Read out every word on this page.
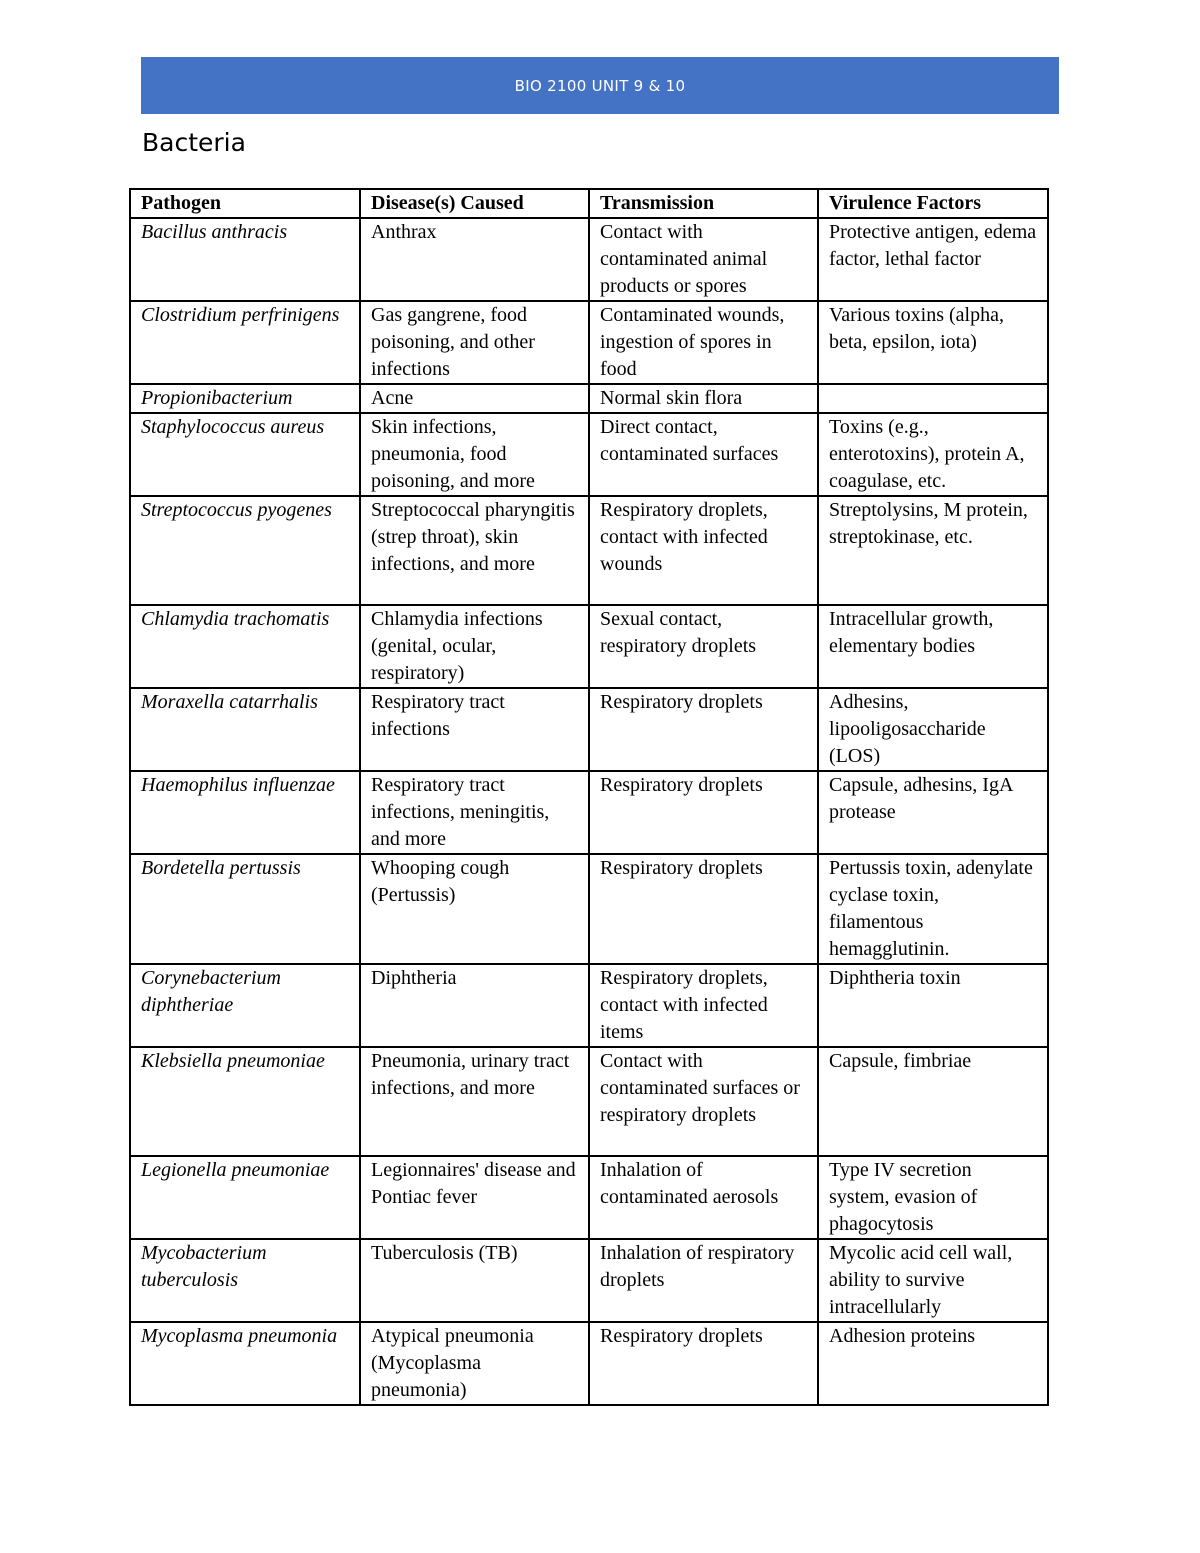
BIO 2100 UNIT 9 & 10
Bacteria
Pathogen	Disease(s) Caused	Transmission	Virulence Factors
Bacillus anthracis	Anthrax	Contact with contaminated animal products or spores	Protective antigen, edema factor, lethal factor
Clostridium perfrinigens	Gas gangrene, food poisoning, and other infections	Contaminated wounds, ingestion of spores in food	Various toxins (alpha, beta, epsilon, iota)
Propionibacterium	Acne	Normal skin flora	
Staphylococcus aureus	Skin infections, pneumonia, food poisoning, and more	Direct contact, contaminated surfaces	Toxins (e.g., enterotoxins), protein A, coagulase, etc.
Streptococcus pyogenes	Streptococcal pharyngitis (strep throat), skin infections, and more	Respiratory droplets, contact with infected wounds	Streptolysins, M protein, streptokinase, etc.
Chlamydia trachomatis	Chlamydia infections (genital, ocular, respiratory)	Sexual contact, respiratory droplets	Intracellular growth, elementary bodies
Moraxella catarrhalis	Respiratory tract infections	Respiratory droplets	Adhesins, lipooligosaccharide (LOS)
Haemophilus influenzae	Respiratory tract infections, meningitis, and more	Respiratory droplets	Capsule, adhesins, IgA protease
Bordetella pertussis	Whooping cough (Pertussis)	Respiratory droplets	Pertussis toxin, adenylate cyclase toxin, filamentous hemagglutinin.
Corynebacterium diphtheriae	Diphtheria	Respiratory droplets, contact with infected items	Diphtheria toxin
Klebsiella pneumoniae	Pneumonia, urinary tract infections, and more	Contact with contaminated surfaces or respiratory droplets	Capsule, fimbriae
Legionella pneumoniae	Legionnaires' disease and Pontiac fever	Inhalation of contaminated aerosols	Type IV secretion system, evasion of phagocytosis
Mycobacterium tuberculosis	Tuberculosis (TB)	Inhalation of respiratory droplets	Mycolic acid cell wall, ability to survive intracellularly
Mycoplasma pneumonia	Atypical pneumonia (Mycoplasma pneumonia)	Respiratory droplets	Adhesion proteins
